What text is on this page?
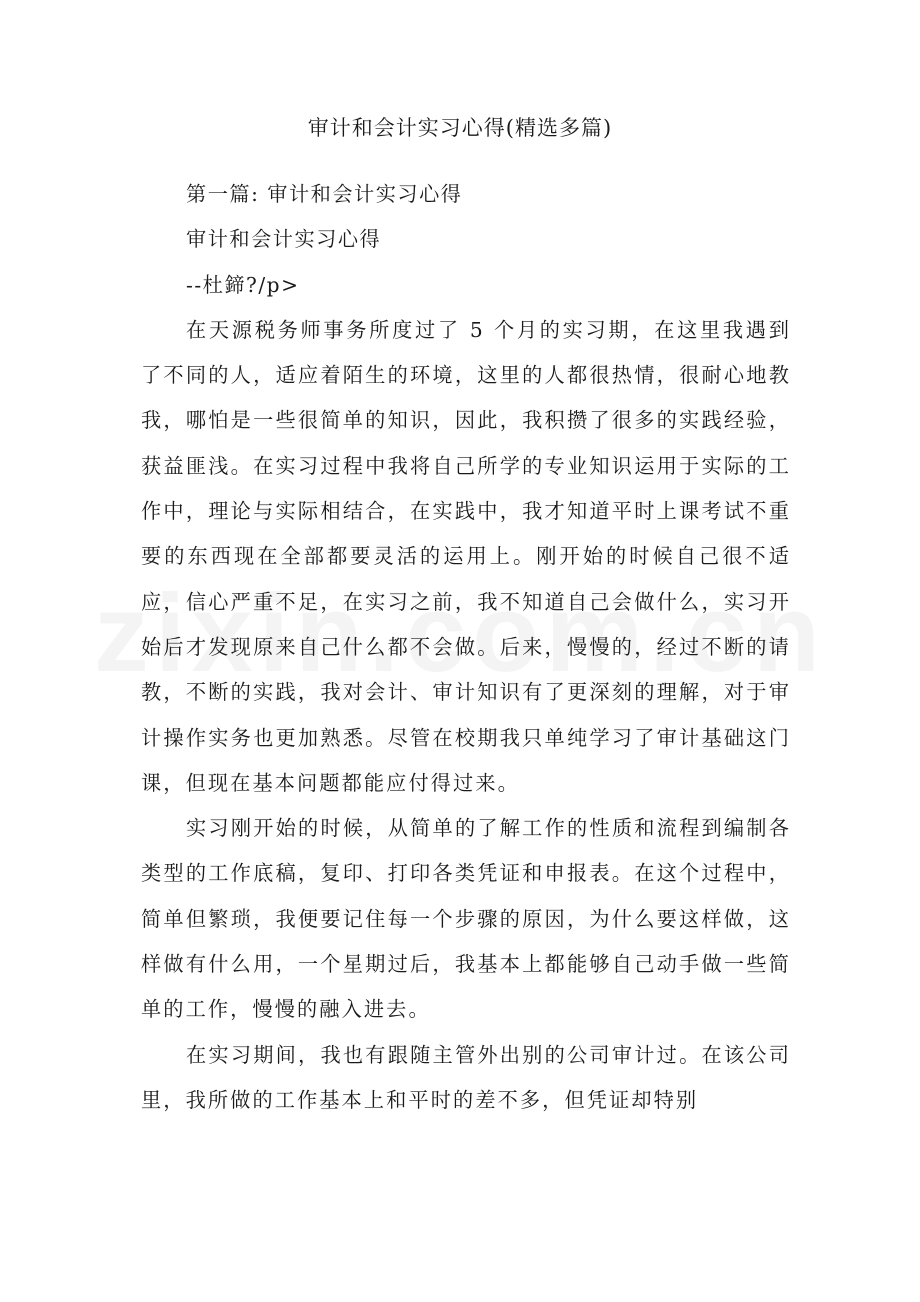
审计和会计实习心得(精选多篇)

第一篇: 审计和会计实习心得

审计和会计实习心得

--杜鍗?/p>

在天源税务师事务所度过了 5 个月的实习期，在这里我遇到了不同的人，适应着陌生的环境，这里的人都很热情，很耐心地教我，哪怕是一些很简单的知识，因此，我积攒了很多的实践经验，获益匪浅。在实习过程中我将自己所学的专业知识运用于实际的工作中，理论与实际相结合，在实践中，我才知道平时上课考试不重要的东西现在全部都要灵活的运用上。刚开始的时候自己很不适应，信心严重不足，在实习之前，我不知道自己会做什么，实习开始后才发现原来自己什么都不会做。后来，慢慢的，经过不断的请教，不断的实践，我对会计、审计知识有了更深刻的理解，对于审计操作实务也更加熟悉。尽管在校期我只单纯学习了审计基础这门课，但现在基本问题都能应付得过来。

实习刚开始的时候，从简单的了解工作的性质和流程到编制各类型的工作底稿，复印、打印各类凭证和申报表。在这个过程中，简单但繁琐，我便要记住每一个步骤的原因，为什么要这样做，这样做有什么用，一个星期过后，我基本上都能够自己动手做一些简单的工作，慢慢的融入进去。

在实习期间，我也有跟随主管外出别的公司审计过。在该公司里，我所做的工作基本上和平时的差不多，但凭证却特别
